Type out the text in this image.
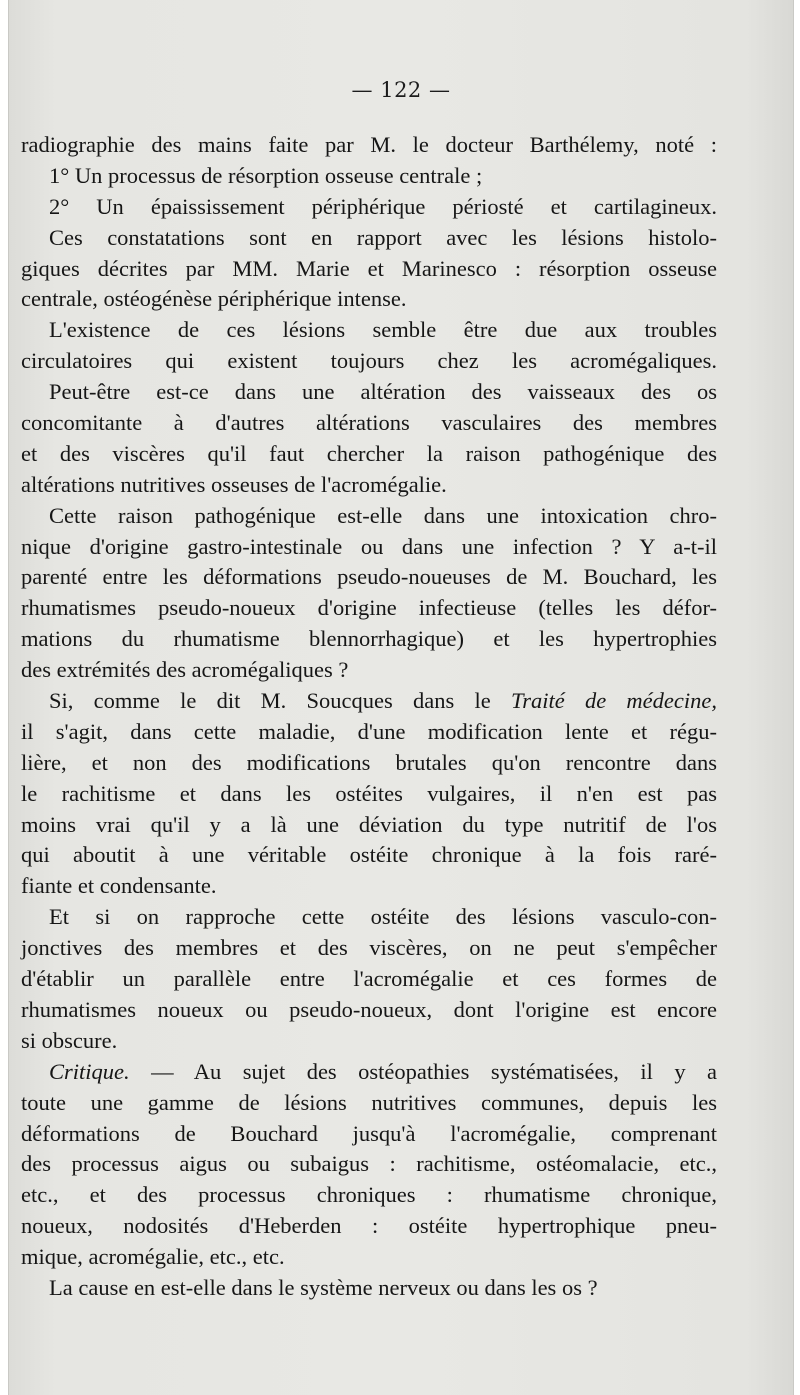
— 122 —
radiographie des mains faite par M. le docteur Barthélemy, noté :
1° Un processus de résorption osseuse centrale ;
2° Un épaississement périphérique périosté et cartilagineux.
Ces constatations sont en rapport avec les lésions histolo-
giques décrites par MM. Marie et Marinesco : résorption osseuse
centrale, ostéogénèse périphérique intense.
L'existence de ces lésions semble être due aux troubles
circulatoires qui existent toujours chez les acromégaliques.
Peut-être est-ce dans une altération des vaisseaux des os
concomitante à d'autres altérations vasculaires des membres
et des viscères qu'il faut chercher la raison pathogénique des
altérations nutritives osseuses de l'acromégalie.
Cette raison pathogénique est-elle dans une intoxication chro-
nique d'origine gastro-intestinale ou dans une infection ? Y a-t-il
parenté entre les déformations pseudo-noueuses de M. Bouchard, les
rhumatismes pseudo-noueux d'origine infectieuse (telles les défor-
mations du rhumatisme blennorrhagique) et les hypertrophies
des extrémités des acromégaliques ?
Si, comme le dit M. Soucques dans le Traité de médecine,
il s'agit, dans cette maladie, d'une modification lente et régu-
lière, et non des modifications brutales qu'on rencontre dans
le rachitisme et dans les ostéites vulgaires, il n'en est pas
moins vrai qu'il y a là une déviation du type nutritif de l'os
qui aboutit à une véritable ostéite chronique à la fois raré-
fiante et condensante.
Et si on rapproche cette ostéite des lésions vasculo-con-
jonctives des membres et des viscères, on ne peut s'empêcher
d'établir un parallèle entre l'acromégalie et ces formes de
rhumatismes noueux ou pseudo-noueux, dont l'origine est encore
si obscure.
Critique. — Au sujet des ostéopathies systématisées, il y a
toute une gamme de lésions nutritives communes, depuis les
déformations de Bouchard jusqu'à l'acromégalie, comprenant
des processus aigus ou subaigus : rachitisme, ostéomalacie, etc.,
etc., et des processus chroniques : rhumatisme chronique,
noueux, nodosités d'Heberden : ostéite hypertrophique pneu-
mique, acromégalie, etc., etc.
La cause en est-elle dans le système nerveux ou dans les os ?
